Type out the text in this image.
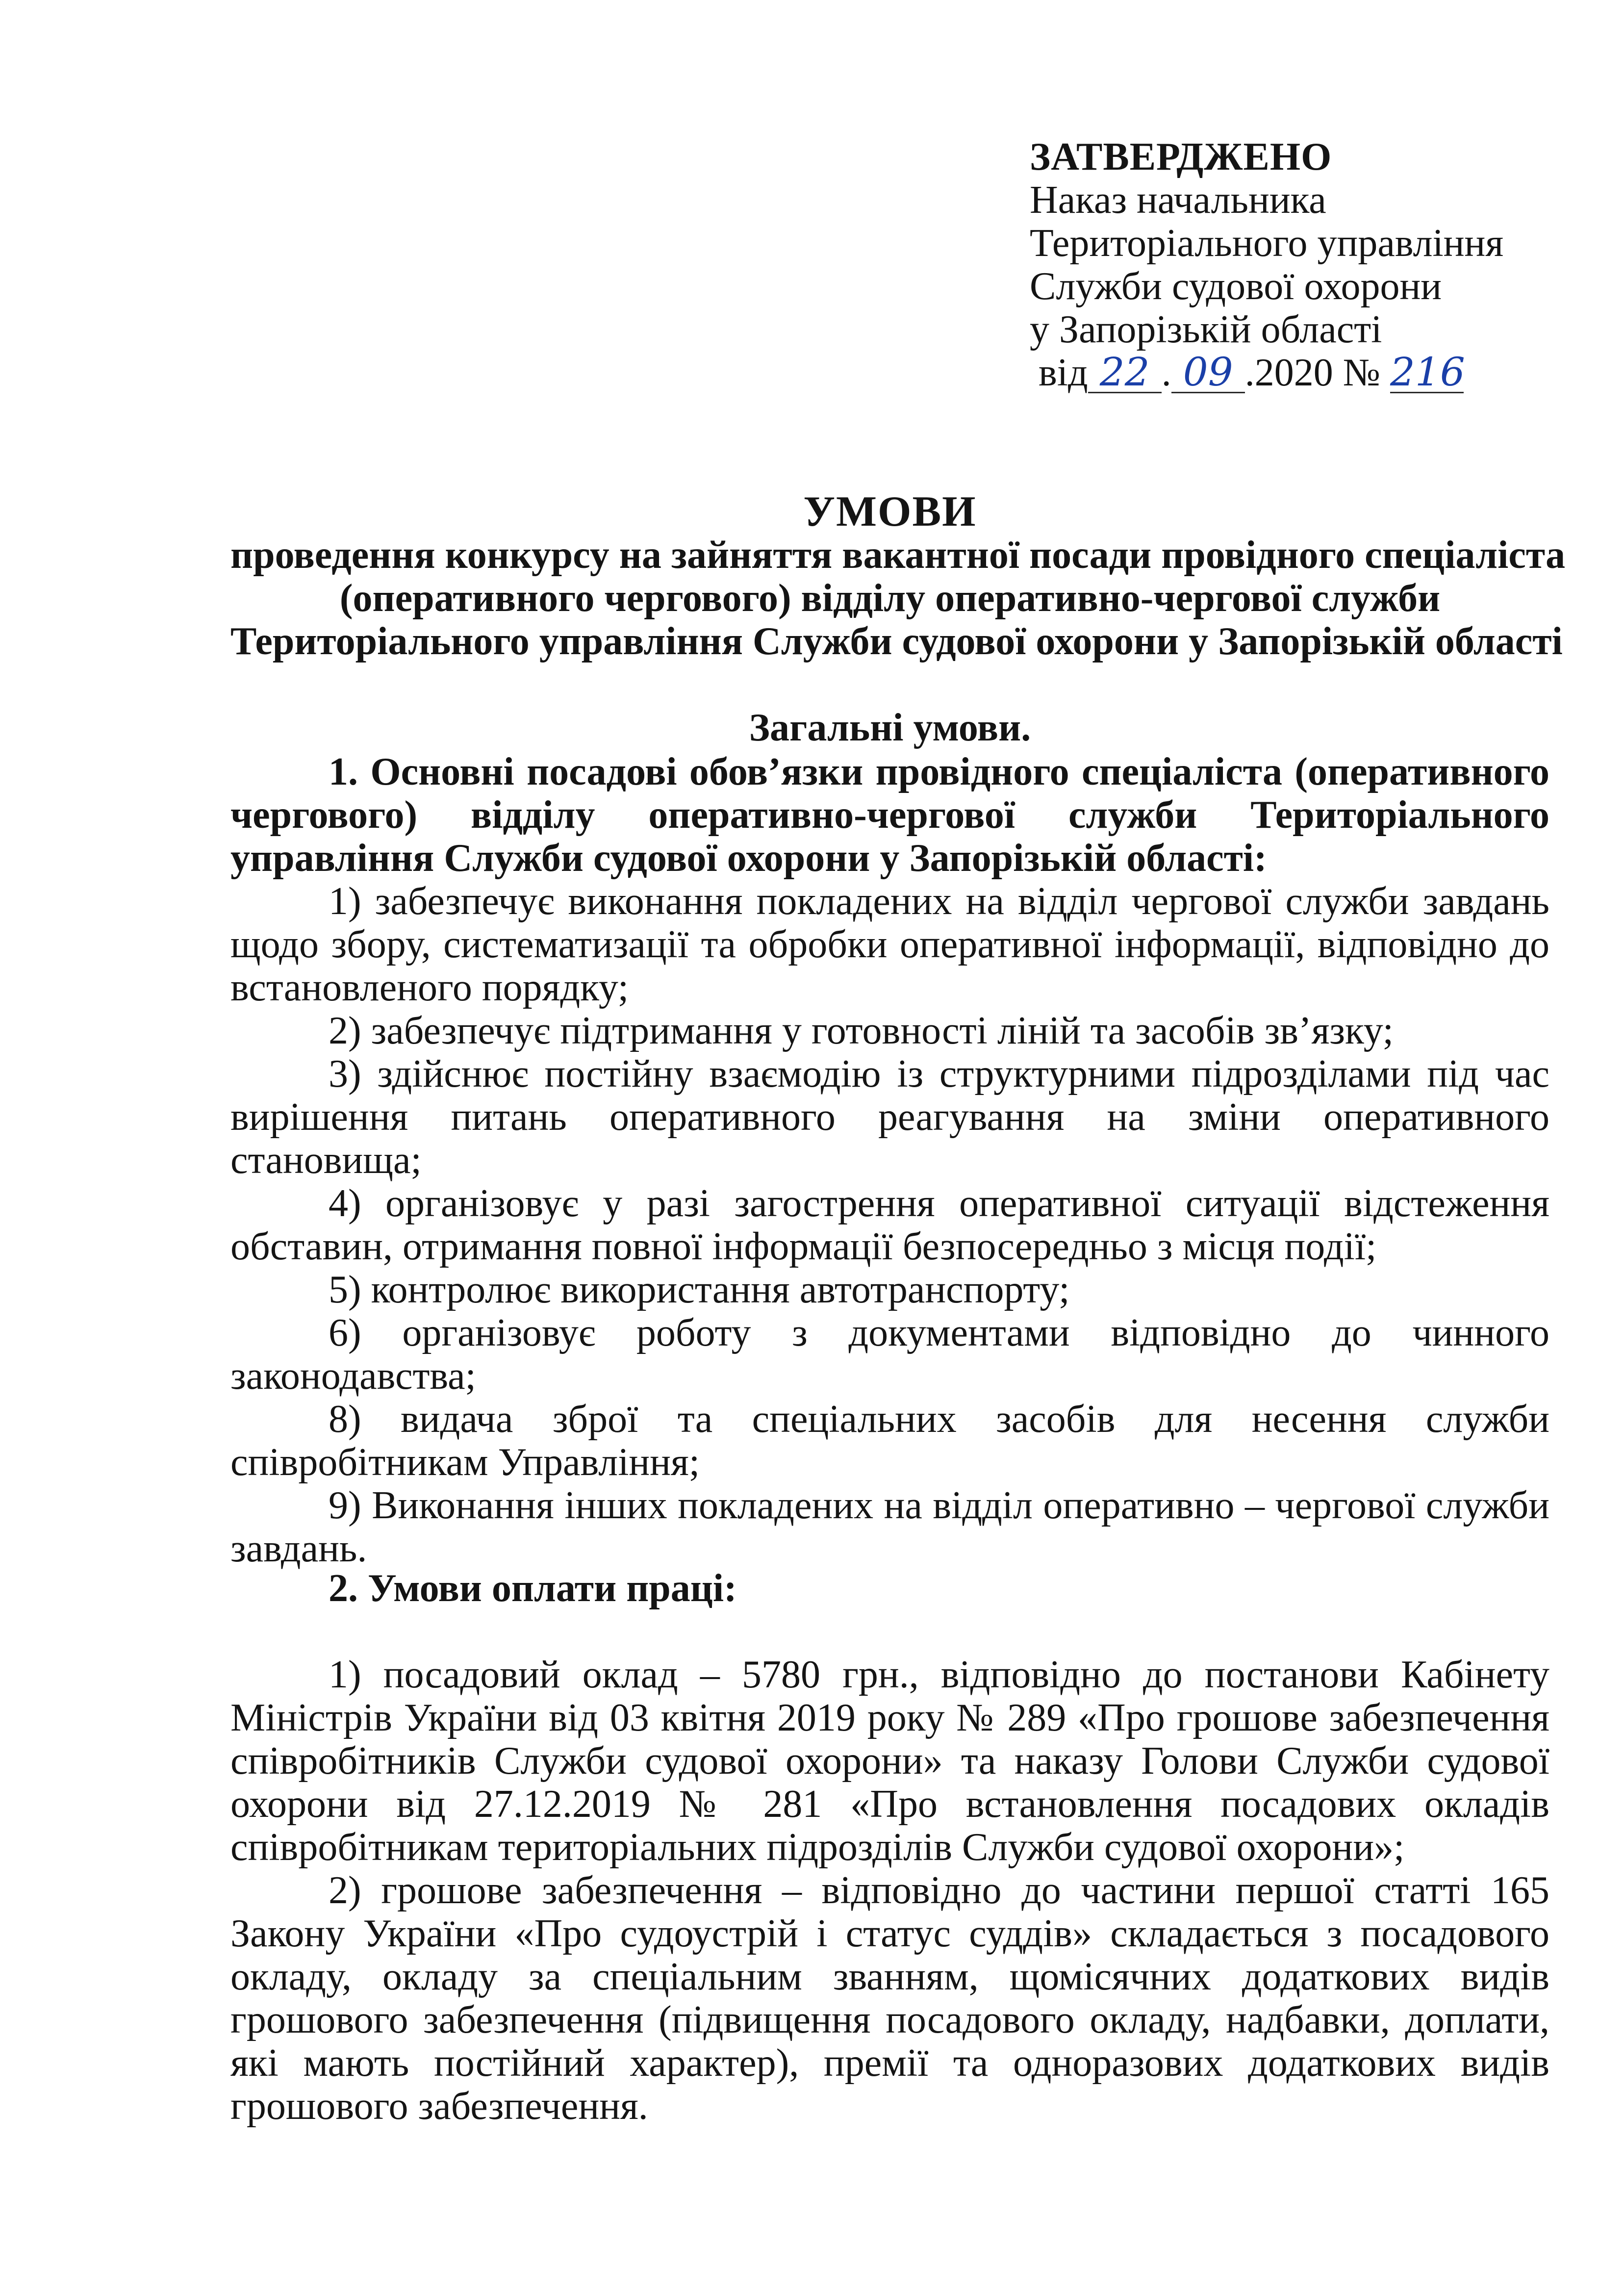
ЗАТВЕРДЖЕНО
Наказ начальника
Територіального управління
Служби судової охорони
у Запорізькій області
від 22 . 09 .2020 № 216
УМОВИ
проведення конкурсу на зайняття вакантної посади провідного спеціаліста
(оперативного чергового) відділу оперативно-чергової служби
Територіального управління Служби судової охорони у Запорізькій області
Загальні умови.

1. Основні посадові обов’язки провідного спеціаліста (оперативного чергового) відділу оперативно-чергової служби Територіального управління Служби судової охорони у Запорізькій області:

1) забезпечує виконання покладених на відділ чергової служби завдань щодо збору, систематизації та обробки оперативної інформації, відповідно до встановленого порядку;

2) забезпечує підтримання у готовності ліній та засобів зв’язку;

3) здійснює постійну взаємодію із структурними підрозділами під час вирішення питань оперативного реагування на зміни оперативного становища;

4) організовує у разі загострення оперативної ситуації відстеження обставин, отримання повної інформації безпосередньо з місця події;

5) контролює використання автотранспорту;

6) організовує роботу з документами відповідно до чинного законодавства;

8) видача зброї та спеціальних засобів для несення служби співробітникам Управління;

9) Виконання інших покладених на відділ оперативно – чергової служби завдань.

2. Умови оплати праці:

1) посадовий оклад – 5780 грн., відповідно до постанови Кабінету Міністрів України від 03 квітня 2019 року № 289 «Про грошове забезпечення співробітників Служби судової охорони» та наказу Голови Служби судової охорони від 27.12.2019 № 281 «Про встановлення посадових окладів співробітникам територіальних підрозділів Служби судової охорони»;

2) грошове забезпечення – відповідно до частини першої статті 165 Закону України «Про судоустрій і статус суддів» складається з посадового окладу, окладу за спеціальним званням, щомісячних додаткових видів грошового забезпечення (підвищення посадового окладу, надбавки, доплати, які мають постійний характер), премії та одноразових додаткових видів грошового забезпечення.
